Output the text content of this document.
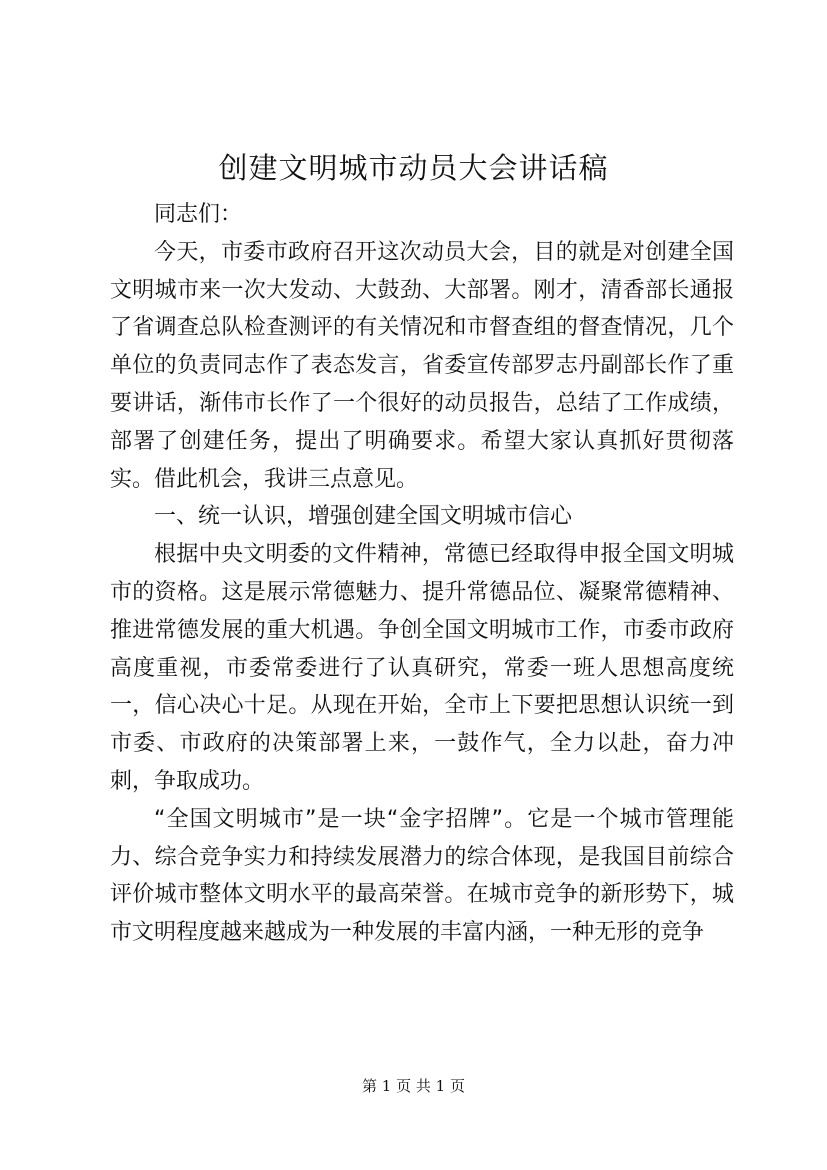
创建文明城市动员大会讲话稿

同志们：

今天，市委市政府召开这次动员大会，目的就是对创建全国文明城市来一次大发动、大鼓劲、大部署。刚才，清香部长通报了省调查总队检查测评的有关情况和市督查组的督查情况，几个单位的负责同志作了表态发言，省委宣传部罗志丹副部长作了重要讲话，渐伟市长作了一个很好的动员报告，总结了工作成绩，部署了创建任务，提出了明确要求。希望大家认真抓好贯彻落实。借此机会，我讲三点意见。

一、统一认识，增强创建全国文明城市信心

根据中央文明委的文件精神，常德已经取得申报全国文明城市的资格。这是展示常德魅力、提升常德品位、凝聚常德精神、推进常德发展的重大机遇。争创全国文明城市工作，市委市政府高度重视，市委常委进行了认真研究，常委一班人思想高度统一，信心决心十足。从现在开始，全市上下要把思想认识统一到市委、市政府的决策部署上来，一鼓作气，全力以赴，奋力冲刺，争取成功。

“全国文明城市”是一块“金字招牌”。它是一个城市管理能力、综合竞争实力和持续发展潜力的综合体现，是我国目前综合评价城市整体文明水平的最高荣誉。在城市竞争的新形势下，城市文明程度越来越成为一种发展的丰富内涵，一种无形的竞争

第 1 页 共 1 页
